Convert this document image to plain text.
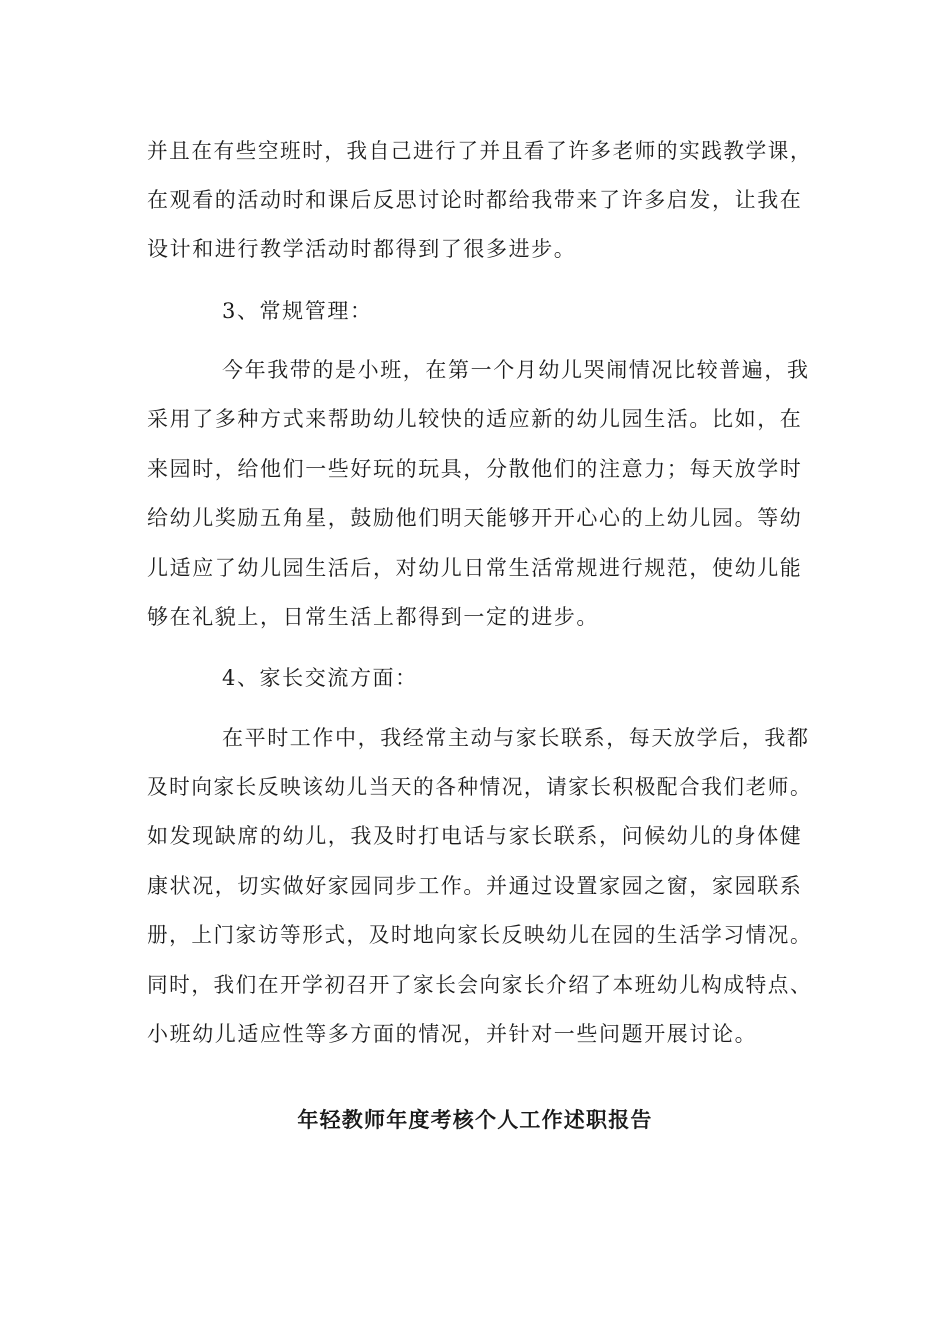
并且在有些空班时，我自己进行了并且看了许多老师的实践教学课，
在观看的活动时和课后反思讨论时都给我带来了许多启发，让我在
设计和进行教学活动时都得到了很多进步。
3、常规管理：
今年我带的是小班，在第一个月幼儿哭闹情况比较普遍，我
采用了多种方式来帮助幼儿较快的适应新的幼儿园生活。比如，在
来园时，给他们一些好玩的玩具，分散他们的注意力；每天放学时
给幼儿奖励五角星，鼓励他们明天能够开开心心的上幼儿园。等幼
儿适应了幼儿园生活后，对幼儿日常生活常规进行规范，使幼儿能
够在礼貌上，日常生活上都得到一定的进步。
4、家长交流方面：
在平时工作中，我经常主动与家长联系，每天放学后，我都
及时向家长反映该幼儿当天的各种情况，请家长积极配合我们老师。
如发现缺席的幼儿，我及时打电话与家长联系，问候幼儿的身体健
康状况，切实做好家园同步工作。并通过设置家园之窗，家园联系
册，上门家访等形式，及时地向家长反映幼儿在园的生活学习情况。
同时，我们在开学初召开了家长会向家长介绍了本班幼儿构成特点、
小班幼儿适应性等多方面的情况，并针对一些问题开展讨论。
年轻教师年度考核个人工作述职报告
